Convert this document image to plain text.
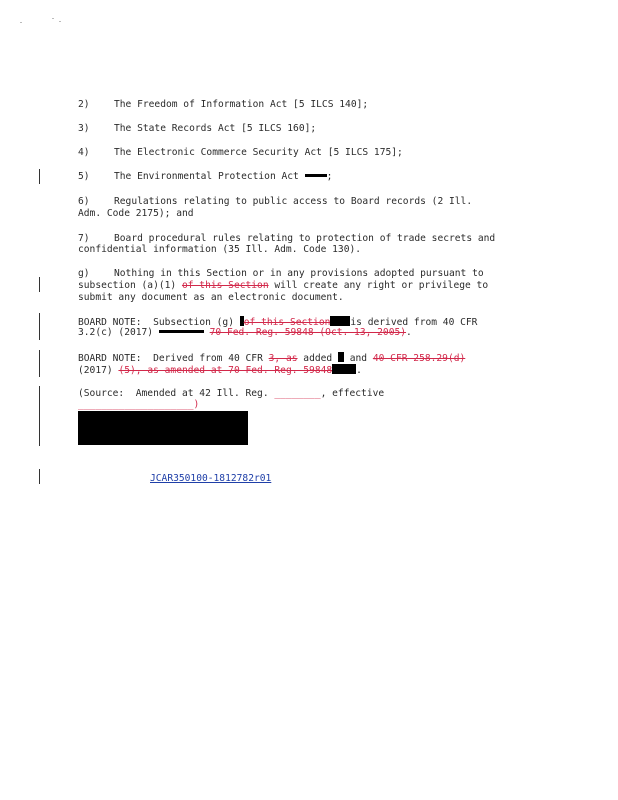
2)	The Freedom of Information Act [5 ILCS 140];
3)	The State Records Act [5 ILCS 160];
4)	The Electronic Commerce Security Act [5 ILCS 175];
5)	The Environmental Protection Act	;
6)	Regulations relating to public access to Board records (2 Ill.
Adm. Code 2175); and
7)	Board procedural rules relating to protection of trade secrets and
confidential information (35 Ill. Adm. Code 130).
g)	Nothing in this Section or in any provisions adopted pursuant to
subsection (a)(1) of this Section will create any right or privilege to
submit any document as an electronic document.
BOARD NOTE: Subsection (g) of this Section is derived from 40 CFR
3.2(c) (2017)	70 Fed. Reg. 59848 (Oct. 13, 2005).
BOARD NOTE: Derived from 40 CFR 3, as added  and 40 CFR 258.29(d)
(2017) (5), as amended at 70 Fed. Reg. 59848	.
(Source:  Amended at 42 Ill. Reg. ________, effective
____________________)
JCAR350100-1812782r01
